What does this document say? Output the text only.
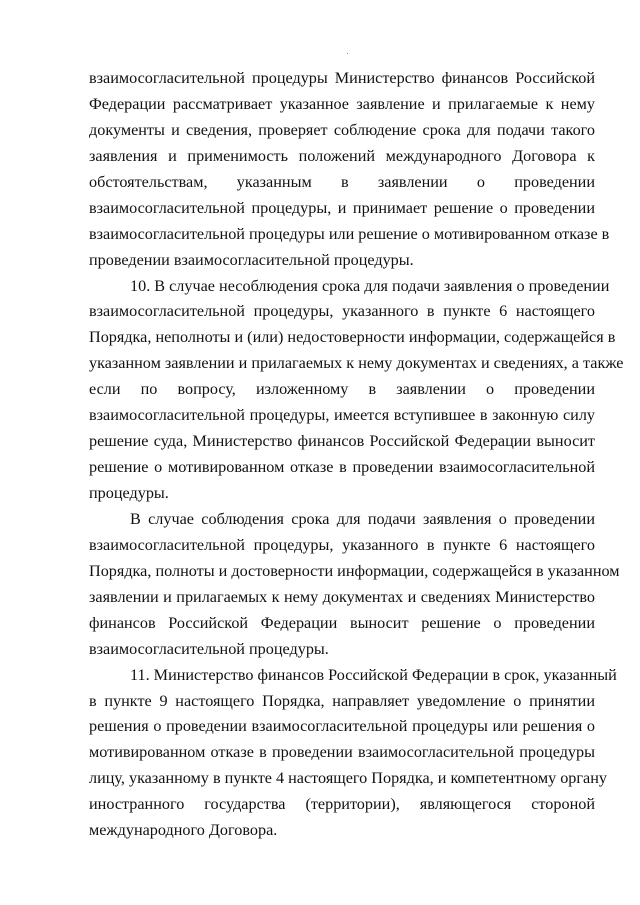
взаимосогласительной процедуры Министерство финансов Российской
Федерации рассматривает указанное заявление и прилагаемые к нему
документы и сведения, проверяет соблюдение срока для подачи такого
заявления и применимость положений международного Договора к
обстоятельствам, указанным в заявлении о проведении
взаимосогласительной процедуры, и принимает решение о проведении
взаимосогласительной процедуры или решение о мотивированном отказе в
проведении взаимосогласительной процедуры.
10. В случае несоблюдения срока для подачи заявления о проведении
взаимосогласительной процедуры, указанного в пункте 6 настоящего
Порядка, неполноты и (или) недостоверности информации, содержащейся в
указанном заявлении и прилагаемых к нему документах и сведениях, а также
если по вопросу, изложенному в заявлении о проведении
взаимосогласительной процедуры, имеется вступившее в законную силу
решение суда, Министерство финансов Российской Федерации выносит
решение о мотивированном отказе в проведении взаимосогласительной
процедуры.
В случае соблюдения срока для подачи заявления о проведении
взаимосогласительной процедуры, указанного в пункте 6 настоящего
Порядка, полноты и достоверности информации, содержащейся в указанном
заявлении и прилагаемых к нему документах и сведениях Министерство
финансов Российской Федерации выносит решение о проведении
взаимосогласительной процедуры.
11. Министерство финансов Российской Федерации в срок, указанный
в пункте 9 настоящего Порядка, направляет уведомление о принятии
решения о проведении взаимосогласительной процедуры или решения о
мотивированном отказе в проведении взаимосогласительной процедуры
лицу, указанному в пункте 4 настоящего Порядка, и компетентному органу
иностранного государства (территории), являющегося стороной
международного Договора.
